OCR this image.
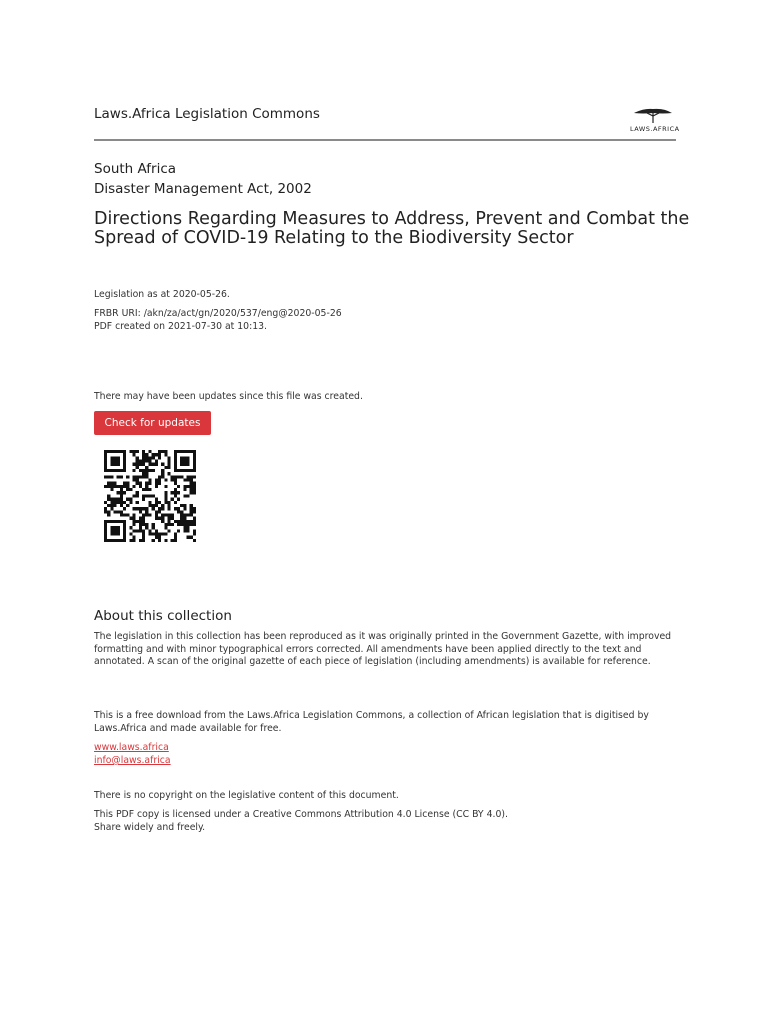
Laws.Africa Legislation Commons
LAWS.AFRICA
South Africa
Disaster Management Act, 2002
Directions Regarding Measures to Address, Prevent and Combat the Spread of COVID-19 Relating to the Biodiversity Sector
Legislation as at 2020-05-26.
FRBR URI: /akn/za/act/gn/2020/537/eng@2020-05-26
PDF created on 2021-07-30 at 10:13.
There may have been updates since this file was created.
Check for updates
About this collection
The legislation in this collection has been reproduced as it was originally printed in the Government Gazette, with improved formatting and with minor typographical errors corrected. All amendments have been applied directly to the text and annotated. A scan of the original gazette of each piece of legislation (including amendments) is available for reference.
This is a free download from the Laws.Africa Legislation Commons, a collection of African legislation that is digitised by Laws.Africa and made available for free.
www.laws.africa
info@laws.africa
There is no copyright on the legislative content of this document.
This PDF copy is licensed under a Creative Commons Attribution 4.0 License (CC BY 4.0).
Share widely and freely.
